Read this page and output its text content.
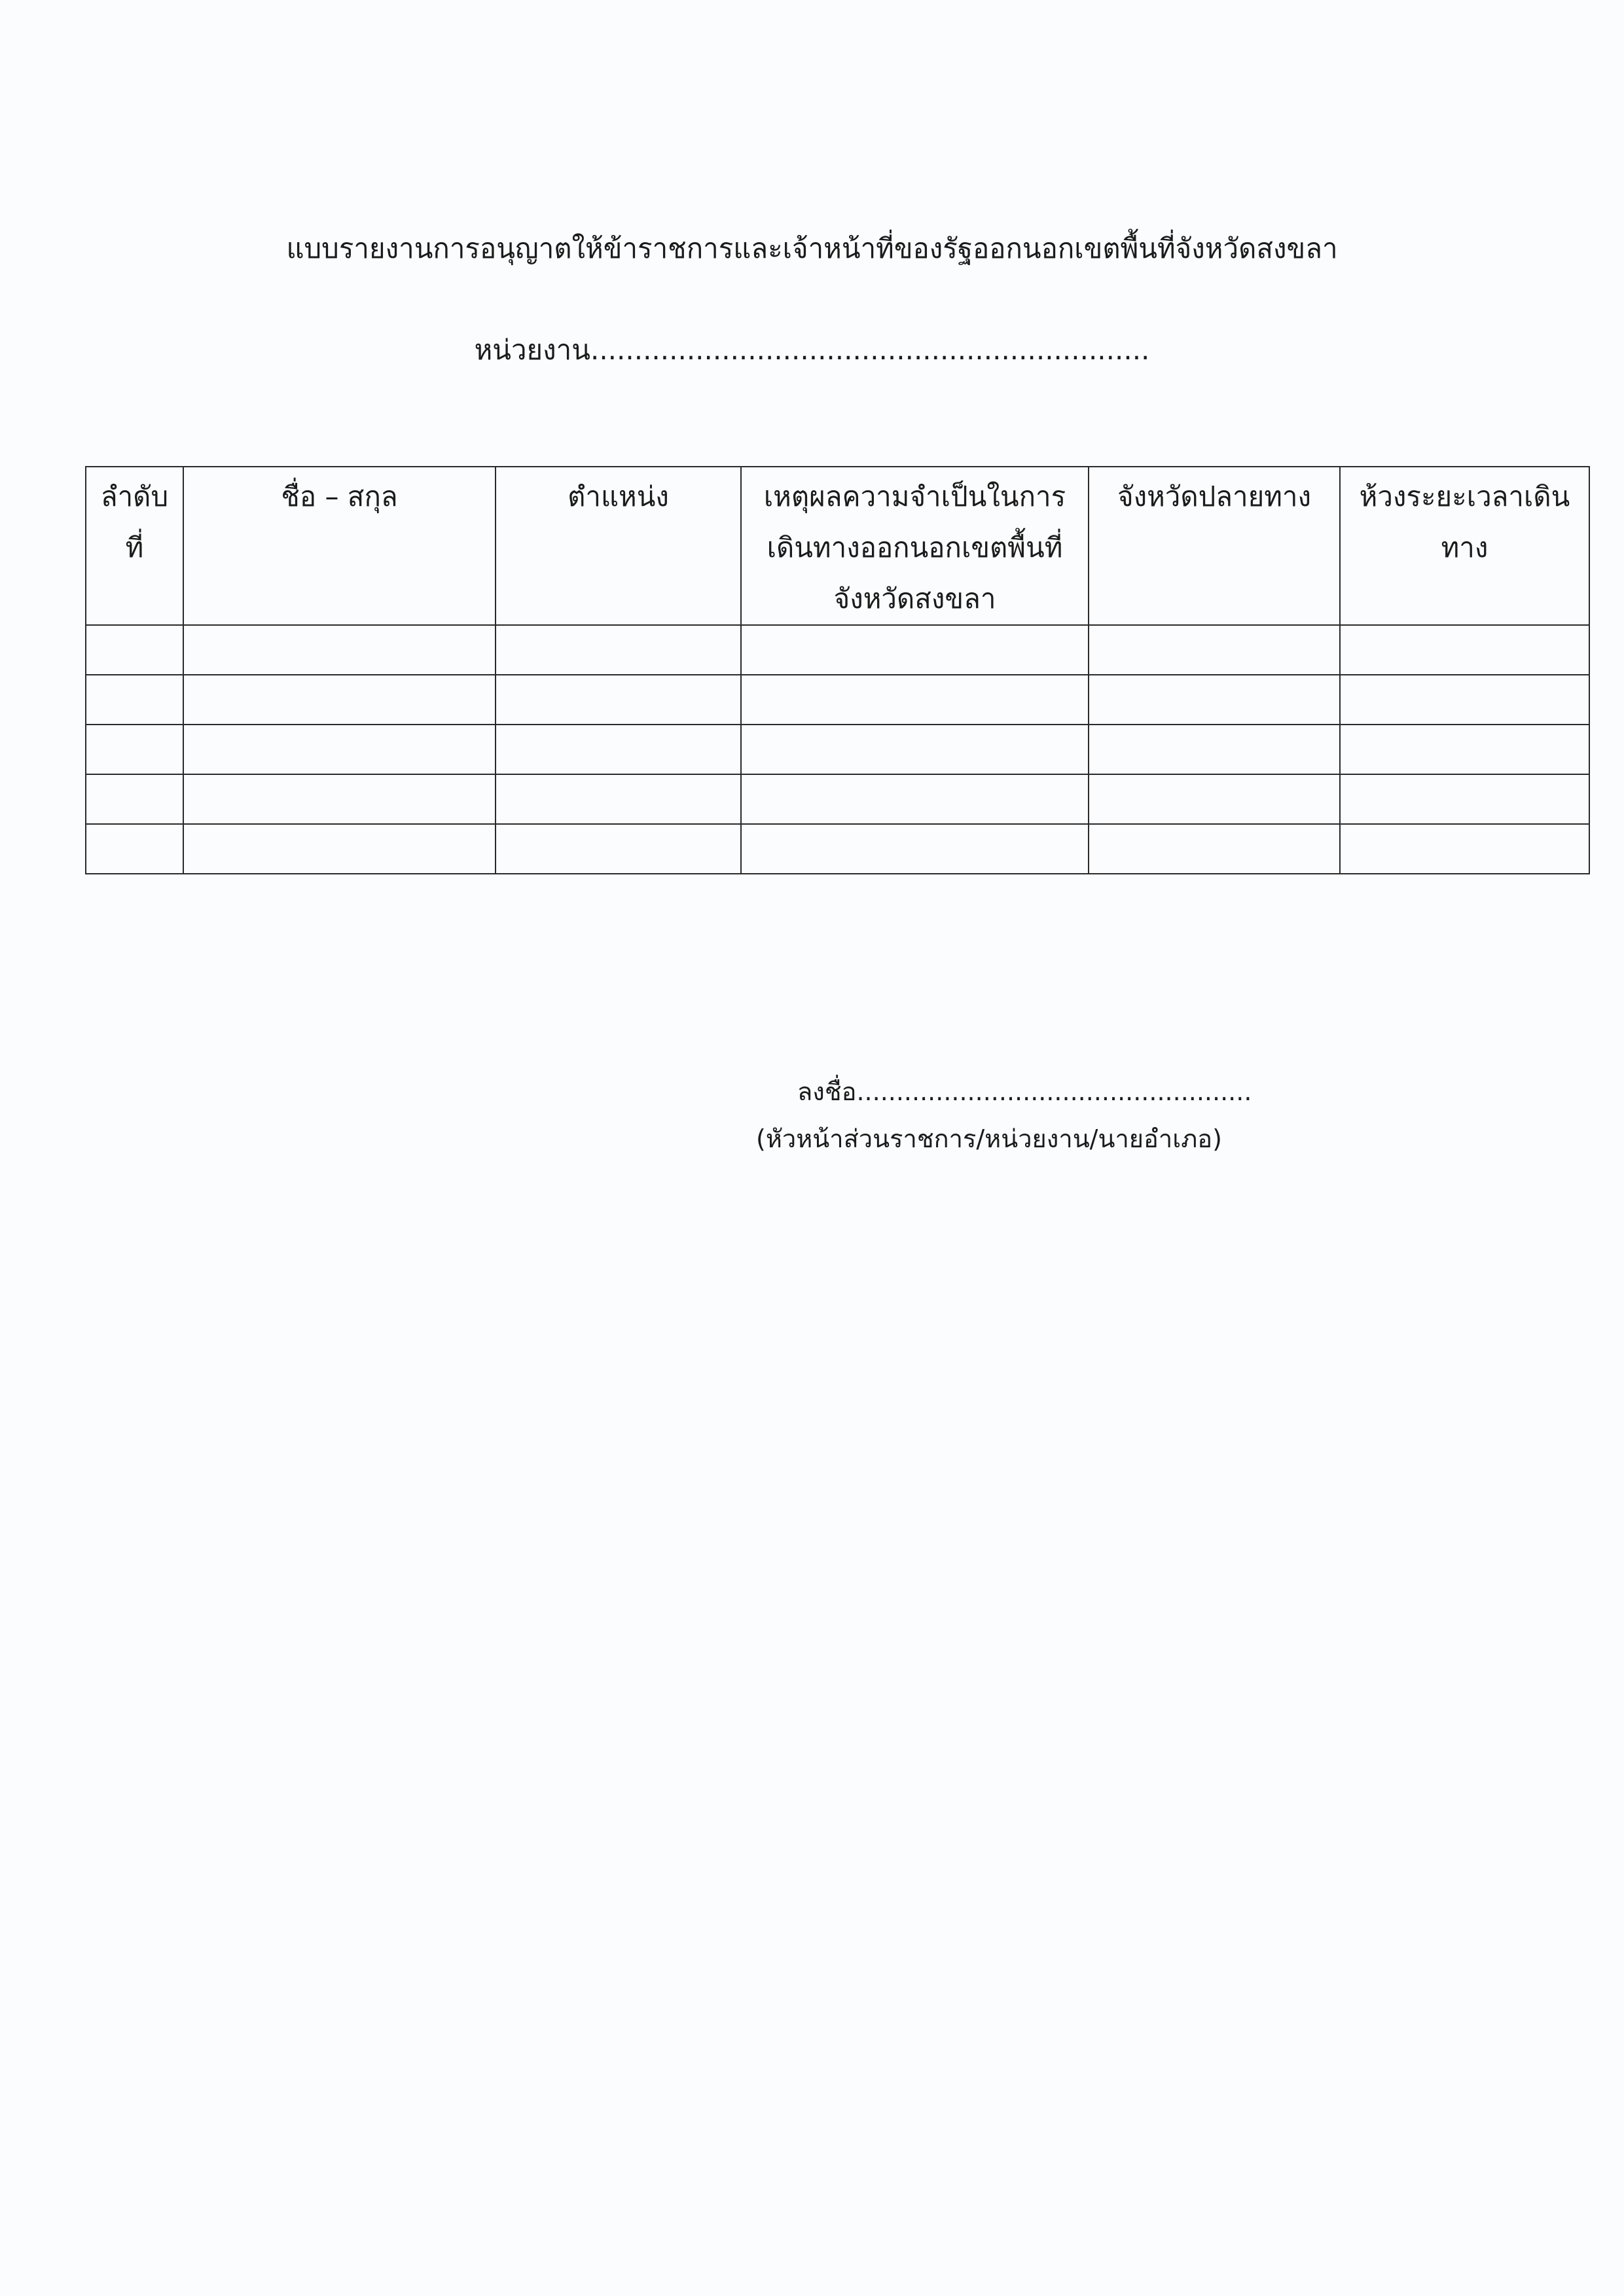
แบบรายงานการอนุญาตให้ข้าราชการและเจ้าหน้าที่ของรัฐออกนอกเขตพื้นที่จังหวัดสงขลา
หน่วยงาน................................................................
ลำดับ ที่	ชื่อ – สกุล	ตำแหน่ง	เหตุผลความจำเป็นในการเดินทางออกนอกเขตพื้นที่จังหวัดสงขลา	จังหวัดปลายทาง	ห้วงระยะเวลาเดินทาง

ลงชื่อ..................................................
(หัวหน้าส่วนราชการ/หน่วยงาน/นายอำเภอ)
